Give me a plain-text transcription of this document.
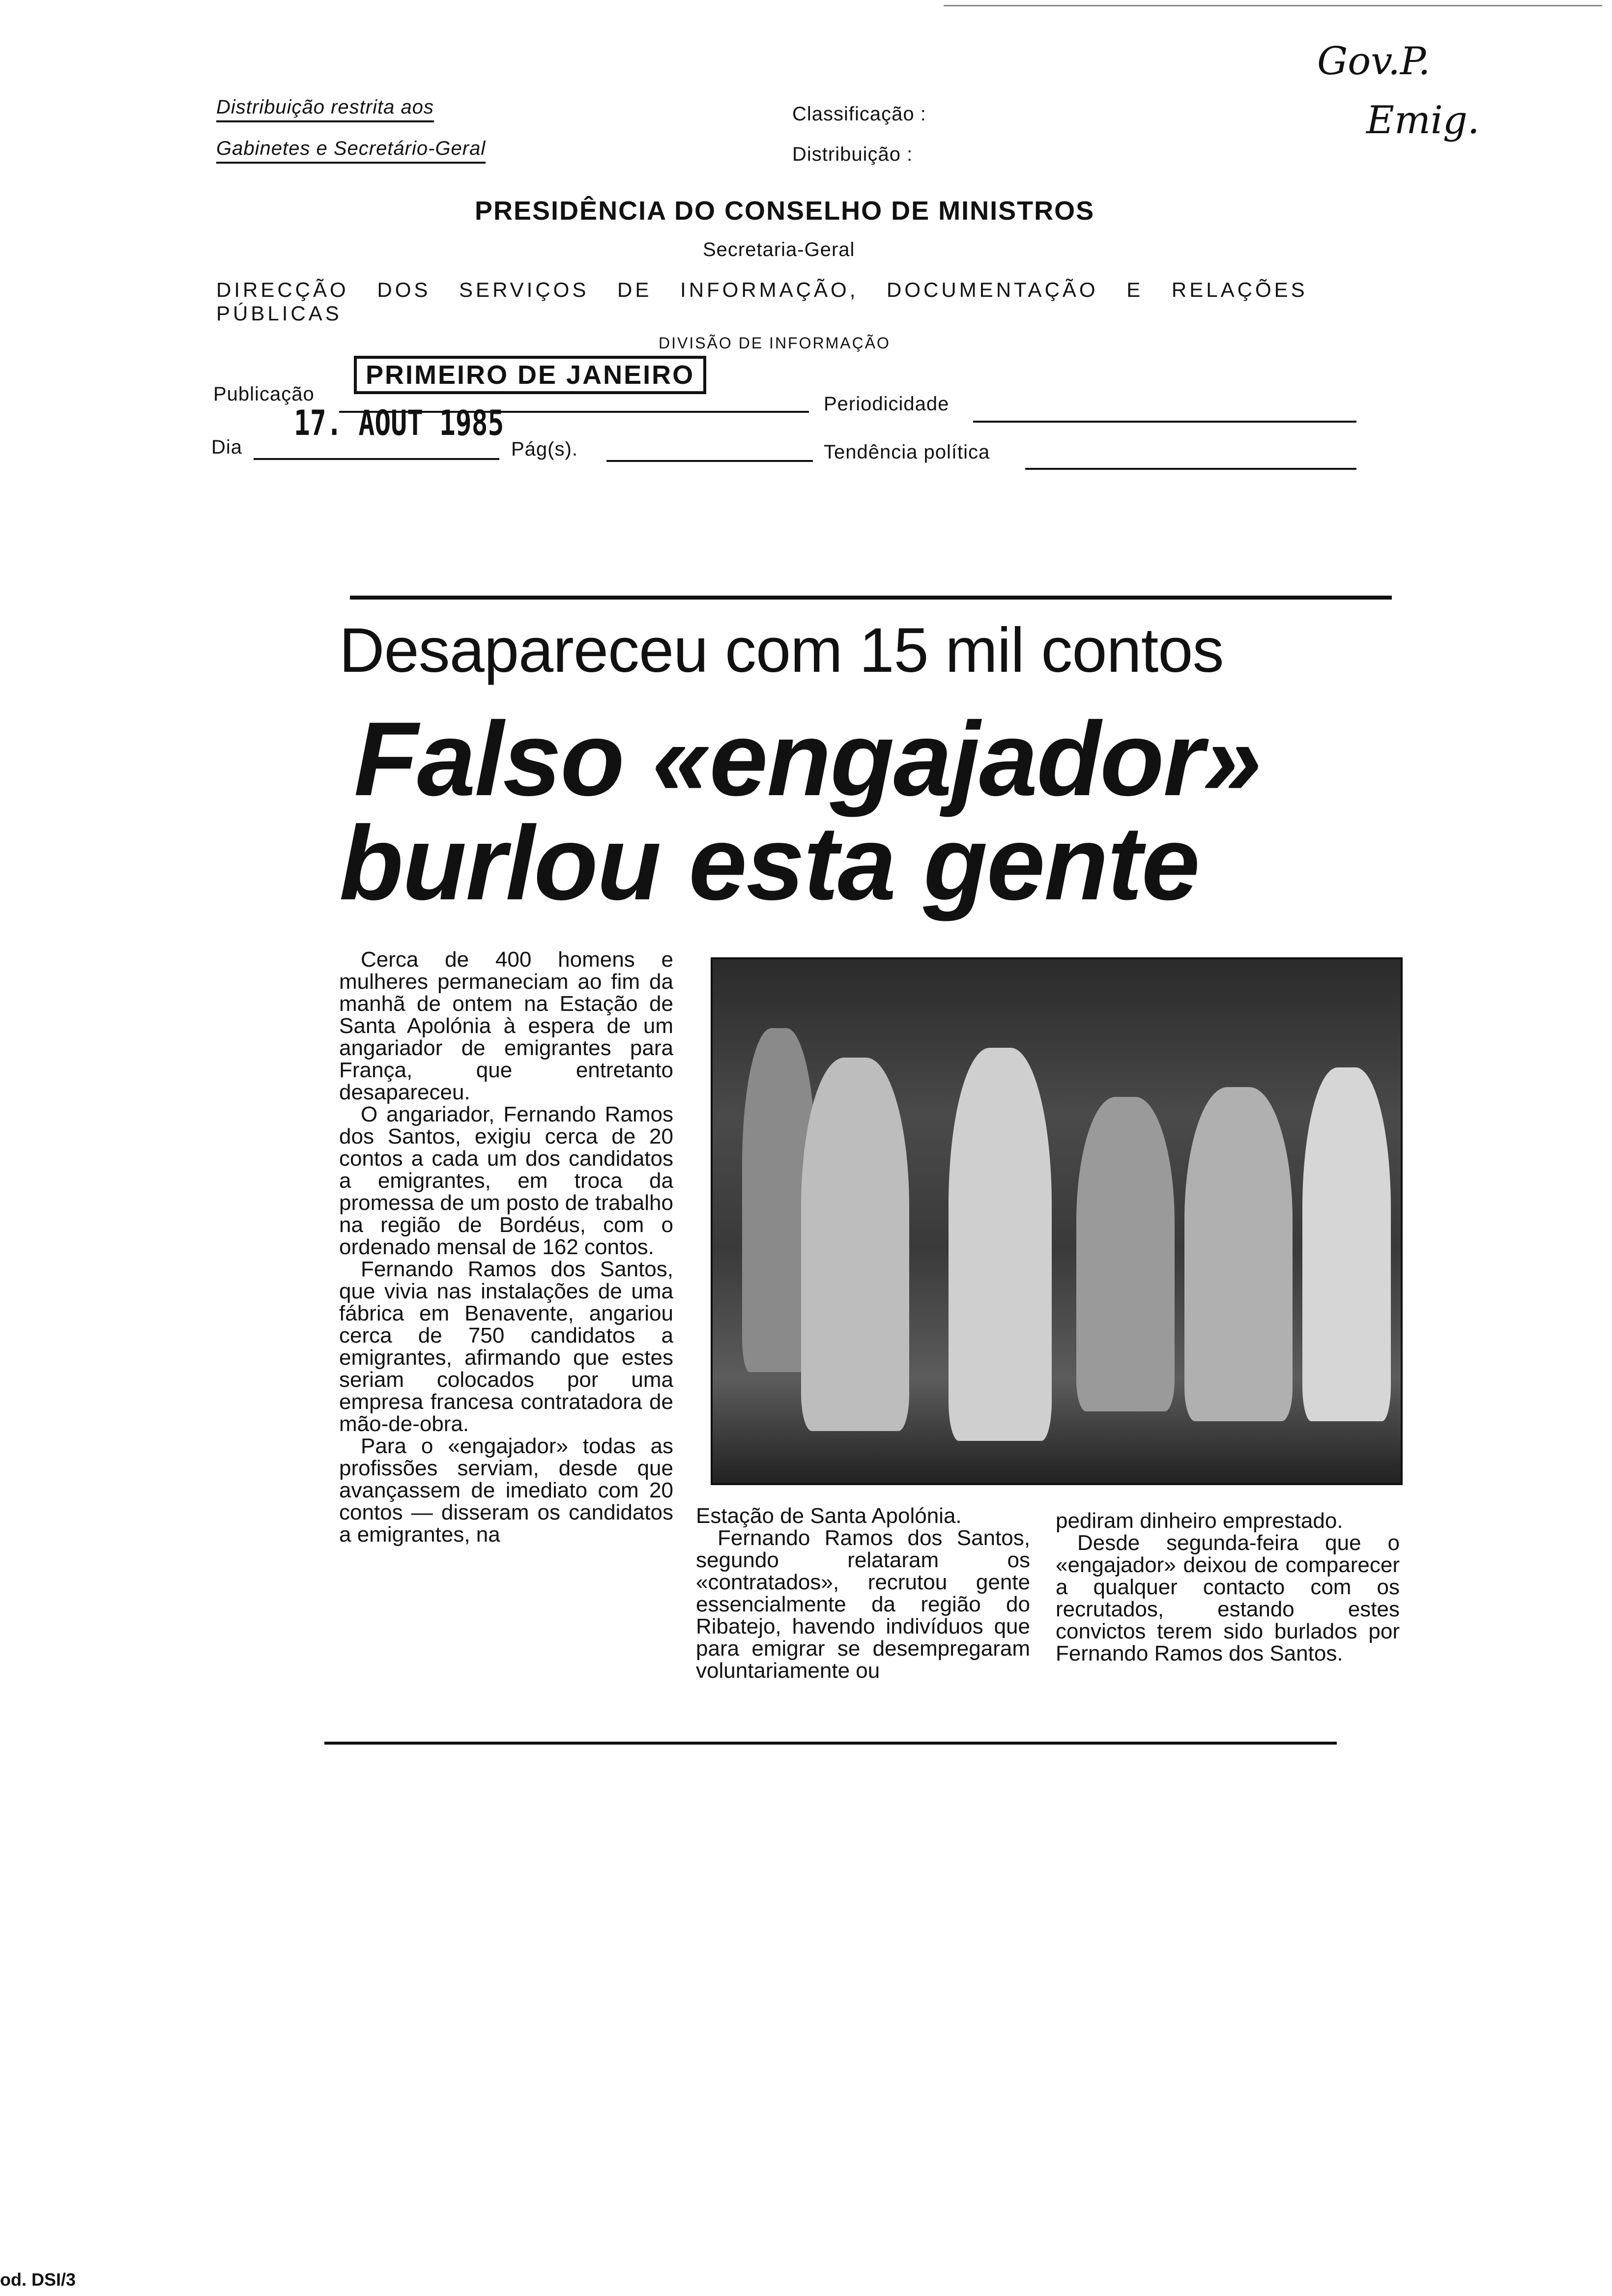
Distribuição restrita aos
Gabinetes e Secretário-Geral
Classificação :
Distribuição :
Gov.P.
Emig.
PRESIDÊNCIA DO CONSELHO DE MINISTROS
Secretaria-Geral
DIRECÇÃO DOS SERVIÇOS DE INFORMAÇÃO, DOCUMENTAÇÃO E RELAÇÕES PÚBLICAS
DIVISÃO DE INFORMAÇÃO
Publicação
PRIMEIRO DE JANEIRO
Periodicidade
Dia
17. AOUT 1985
Pág(s).	Tendência política
Desapareceu com 15 mil contos
Falso «engajador»
burlou esta gente

Cerca de 400 homens e mulheres permaneciam ao fim da manhã de ontem na Estação de Santa Apolónia à espera de um angariador de emigrantes para França, que entretanto desapareceu.

O angariador, Fernando Ramos dos Santos, exigiu cerca de 20 contos a cada um dos candidatos a emigrantes, em troca da promessa de um posto de trabalho na região de Bordéus, com o ordenado mensal de 162 contos.

Fernando Ramos dos Santos, que vivia nas instalações de uma fábrica em Benavente, angariou cerca de 750 candidatos a emigrantes, afirmando que estes seriam colocados por uma empresa francesa contratadora de mão-de-obra.

Para o «engajador» todas as profissões serviam, desde que avançassem de imediato com 20 contos — disseram os candidatos a emigrantes, na

Estação de Santa Apolónia.

Fernando Ramos dos Santos, segundo relataram os «contratados», recrutou gente essencialmente da região do Ribatejo, havendo indivíduos que para emigrar se desempregaram voluntariamente ou

pediram dinheiro emprestado.

Desde segunda-feira que o «engajador» deixou de comparecer a qualquer contacto com os recrutados, estando estes convictos terem sido burlados por Fernando Ramos dos Santos.

od. DSI/3
